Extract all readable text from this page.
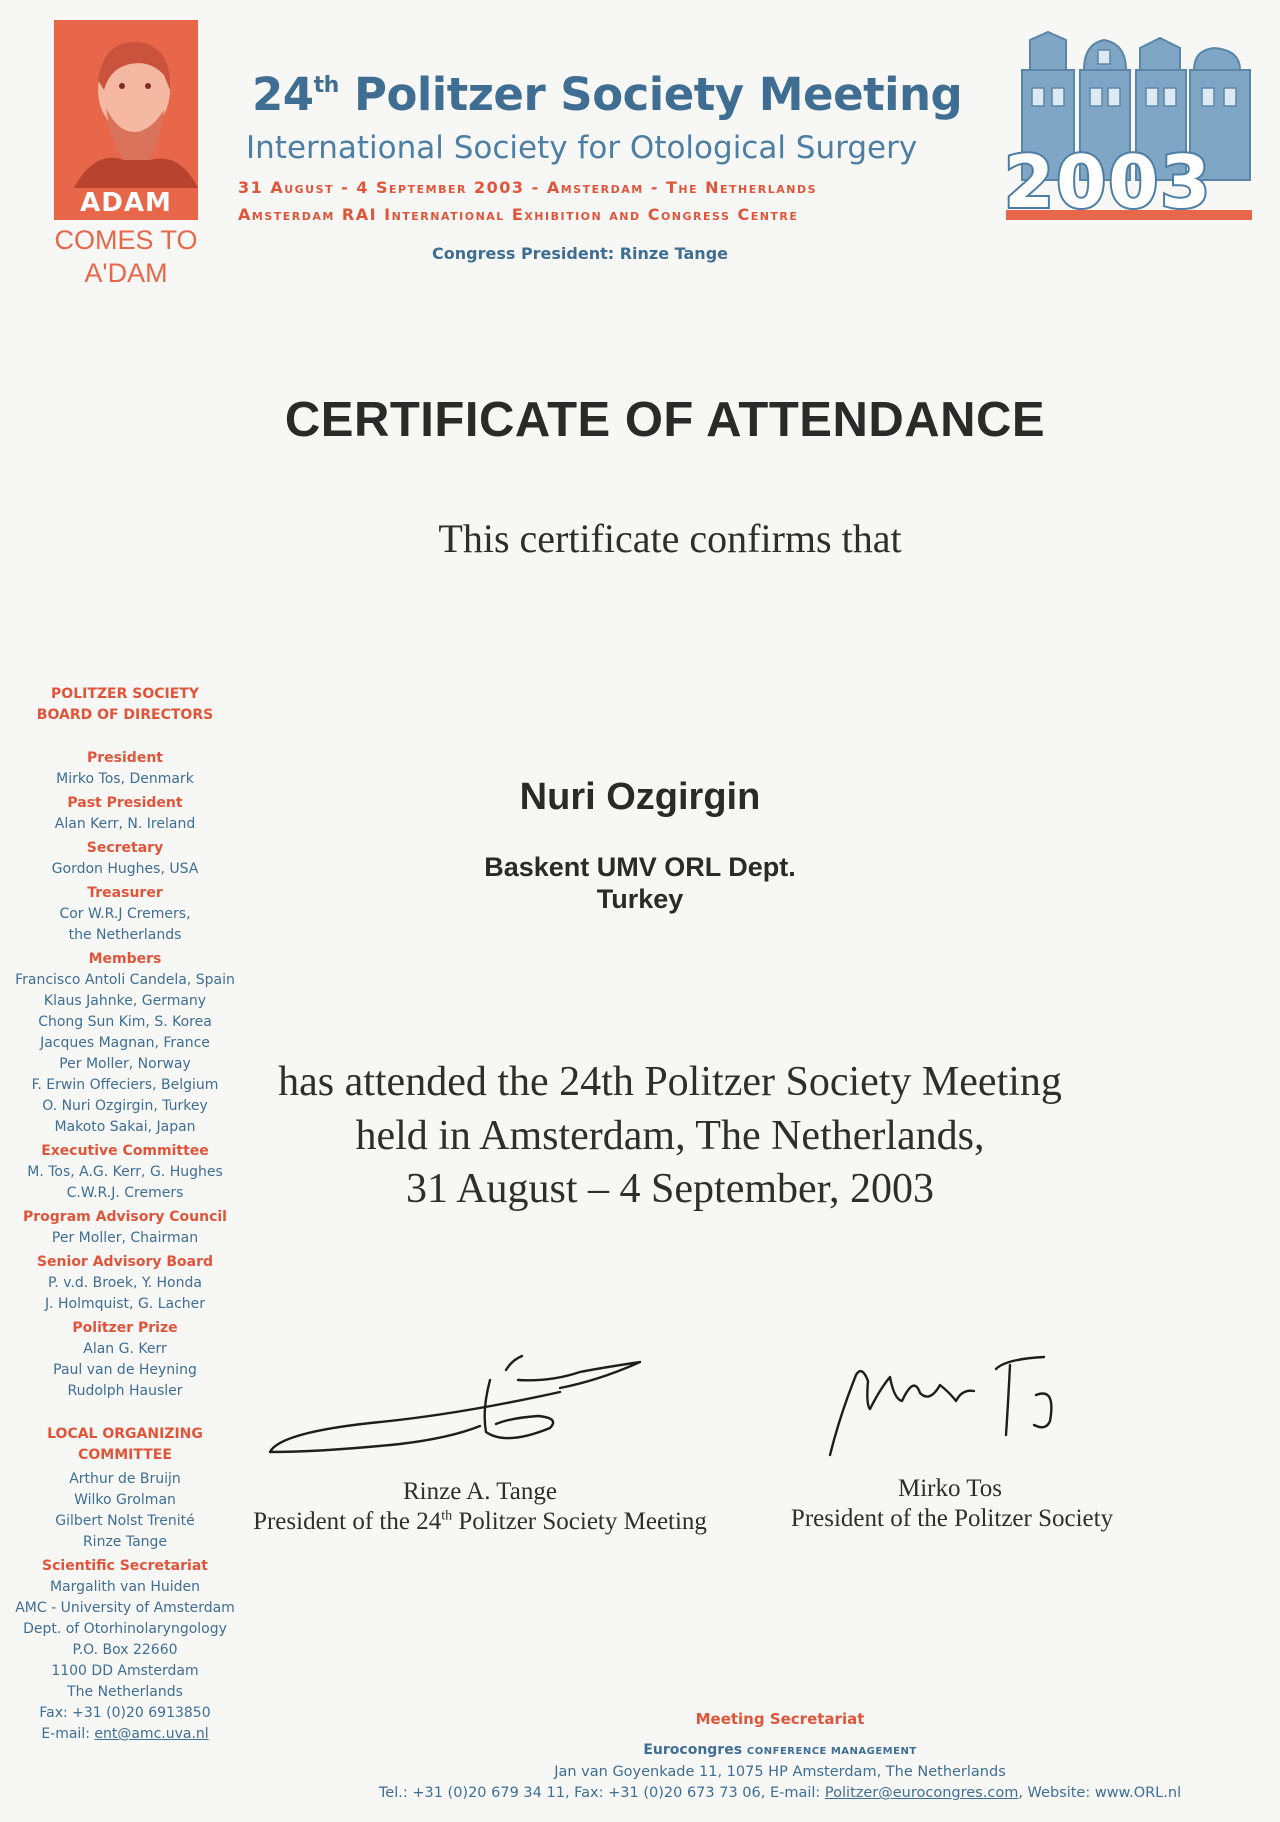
ADAM
COMES TO
A'DAM
24th Politzer Society Meeting
International Society for Otological Surgery
31 August - 4 September 2003 - Amsterdam - The Netherlands
Amsterdam RAI International Exhibition and Congress Centre
Congress President: Rinze Tange
2003
CERTIFICATE OF ATTENDANCE
This certificate confirms that
Nuri Ozgirgin
Baskent UMV ORL Dept.
Turkey
has attended the 24th Politzer Society Meeting
held in Amsterdam, The Netherlands,
31 August – 4 September, 2003
Rinze A. Tange
President of the 24th Politzer Society Meeting
Mirko Tos
President of the Politzer Society
POLITZER SOCIETY
BOARD OF DIRECTORS
President
Mirko Tos, Denmark
Past President
Alan Kerr, N. Ireland
Secretary
Gordon Hughes, USA
Treasurer
Cor W.R.J Cremers,
the Netherlands
Members
Francisco Antoli Candela, Spain
Klaus Jahnke, Germany
Chong Sun Kim, S. Korea
Jacques Magnan, France
Per Moller, Norway
F. Erwin Offeciers, Belgium
O. Nuri Ozgirgin, Turkey
Makoto Sakai, Japan
Executive Committee
M. Tos, A.G. Kerr, G. Hughes
C.W.R.J. Cremers
Program Advisory Council
Per Moller, Chairman
Senior Advisory Board
P. v.d. Broek, Y. Honda
J. Holmquist, G. Lacher
Politzer Prize
Alan G. Kerr
Paul van de Heyning
Rudolph Hausler
LOCAL ORGANIZING
COMMITTEE
Arthur de Bruijn
Wilko Grolman
Gilbert Nolst Trenité
Rinze Tange
Scientific Secretariat
Margalith van Huiden
AMC - University of Amsterdam
Dept. of Otorhinolaryngology
P.O. Box 22660
1100 DD Amsterdam
The Netherlands
Fax: +31 (0)20 6913850
E-mail: ent@amc.uva.nl
Meeting Secretariat
Eurocongres CONFERENCE MANAGEMENT
Jan van Goyenkade 11, 1075 HP Amsterdam, The Netherlands
Tel.: +31 (0)20 679 34 11, Fax: +31 (0)20 673 73 06, E-mail: Politzer@eurocongres.com, Website: www.ORL.nl
